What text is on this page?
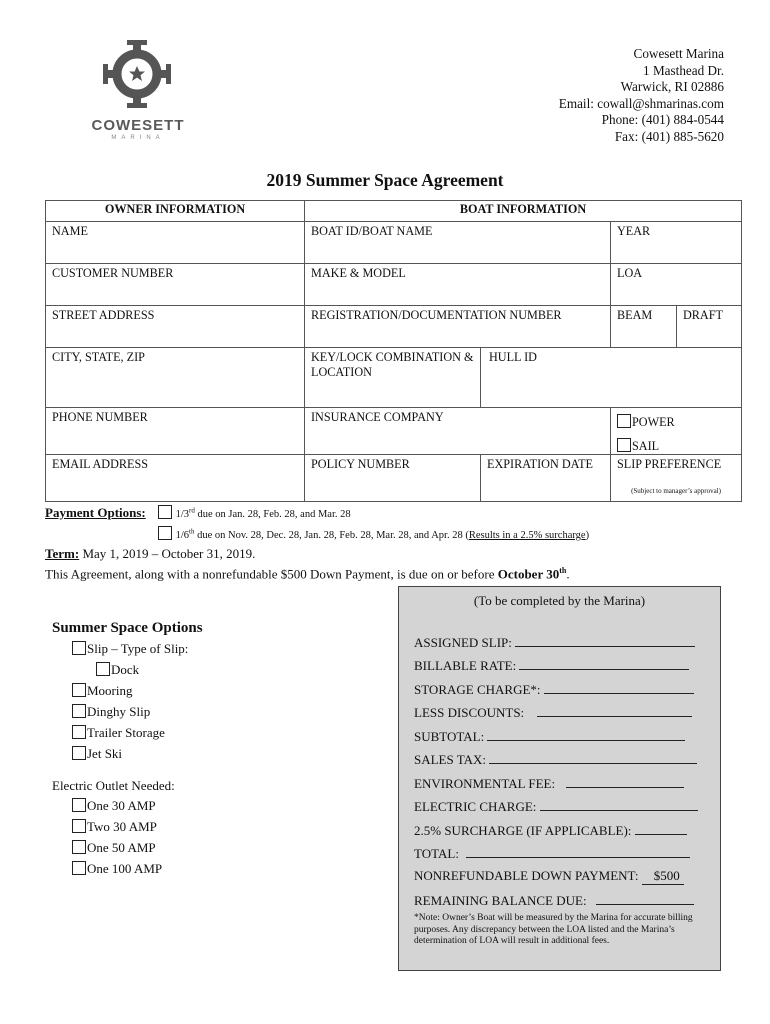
COWESETT
MARINA
Cowesett Marina
1 Masthead Dr.
Warwick, RI 02886
Email: cowall@shmarinas.com
Phone: (401) 884-0544
Fax: (401) 885-5620
2019 Summer Space Agreement
OWNER INFORMATION	BOAT INFORMATION			
NAME	BOAT ID/BOAT NAME		YEAR	
CUSTOMER NUMBER	MAKE & MODEL		LOA	
STREET ADDRESS	REGISTRATION/DOCUMENTATION NUMBER		BEAM	DRAFT
CITY, STATE, ZIP	KEY/LOCK COMBINATION & LOCATION	HULL ID		
PHONE NUMBER	INSURANCE COMPANY		POWER
SAIL	

EMAIL ADDRESS	POLICY NUMBER	EXPIRATION DATE	SLIP PREFERENCE
(Subject to manager’s approval)	
Payment Options:	1/3rd due on Jan. 28, Feb. 28, and Mar. 28
1/6th due on Nov. 28, Dec. 28, Jan. 28, Feb. 28, Mar. 28, and Apr. 28 (Results in a 2.5% surcharge)
Term: May 1, 2019 – October 31, 2019.
This Agreement, along with a nonrefundable $500 Down Payment, is due on or before October 30th.
Summer Space Options
Slip – Type of Slip:
Dock
Mooring
Dinghy Slip
Trailer Storage
Jet Ski
Electric Outlet Needed:
One 30 AMP
Two 30 AMP
One 50 AMP
One 100 AMP
(To be completed by the Marina)
ASSIGNED SLIP:
BILLABLE RATE:
STORAGE CHARGE*:
LESS DISCOUNTS:
SUBTOTAL:
SALES TAX:
ENVIRONMENTAL FEE:
ELECTRIC CHARGE:
2.5% SURCHARGE (IF APPLICABLE):
TOTAL:
NONREFUNDABLE DOWN PAYMENT: $500
REMAINING BALANCE DUE:
*Note: Owner’s Boat will be measured by the Marina for accurate billing purposes. Any discrepancy between the LOA listed and the Marina’s determination of LOA will result in additional fees.
